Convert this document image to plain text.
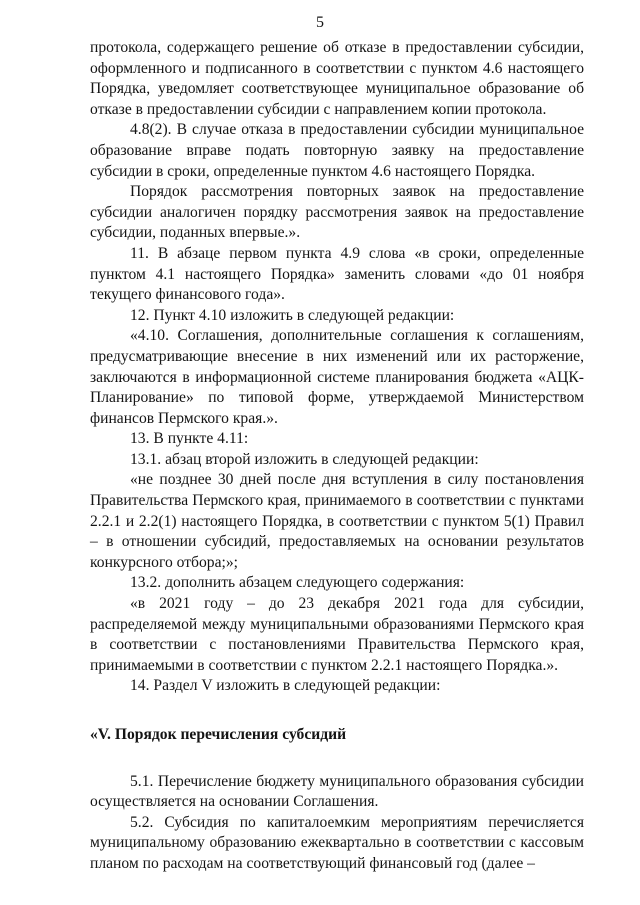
5

протокола, содержащего решение об отказе в предоставлении субсидии, оформленного и подписанного в соответствии с пунктом 4.6 настоящего Порядка, уведомляет соответствующее муниципальное образование об отказе в предоставлении субсидии с направлением копии протокола.

4.8(2). В случае отказа в предоставлении субсидии муниципальное образование вправе подать повторную заявку на предоставление субсидии в сроки, определенные пунктом 4.6 настоящего Порядка.

Порядок рассмотрения повторных заявок на предоставление субсидии аналогичен порядку рассмотрения заявок на предоставление субсидии, поданных впервые.».

11. В абзаце первом пункта 4.9 слова «в сроки, определенные пунктом 4.1 настоящего Порядка» заменить словами «до 01 ноября текущего финансового года».

12. Пункт 4.10 изложить в следующей редакции:

«4.10. Соглашения, дополнительные соглашения к соглашениям, предусматривающие внесение в них изменений или их расторжение, заключаются в информационной системе планирования бюджета «АЦК-Планирование» по типовой форме, утверждаемой Министерством финансов Пермского края.».

13. В пункте 4.11:

13.1. абзац второй изложить в следующей редакции:

«не позднее 30 дней после дня вступления в силу постановления Правительства Пермского края, принимаемого в соответствии с пунктами 2.2.1 и 2.2(1) настоящего Порядка, в соответствии с пунктом 5(1) Правил – в отношении субсидий, предоставляемых на основании результатов конкурсного отбора;»;

13.2. дополнить абзацем следующего содержания:

«в 2021 году – до 23 декабря 2021 года для субсидии, распределяемой между муниципальными образованиями Пермского края в соответствии с постановлениями Правительства Пермского края, принимаемыми в соответствии с пунктом 2.2.1 настоящего Порядка.».

14. Раздел V изложить в следующей редакции:

«V. Порядок перечисления субсидий

5.1. Перечисление бюджету муниципального образования субсидии осуществляется на основании Соглашения.

5.2. Субсидия по капиталоемким мероприятиям перечисляется муниципальному образованию ежеквартально в соответствии с кассовым планом по расходам на соответствующий финансовый год (далее –
